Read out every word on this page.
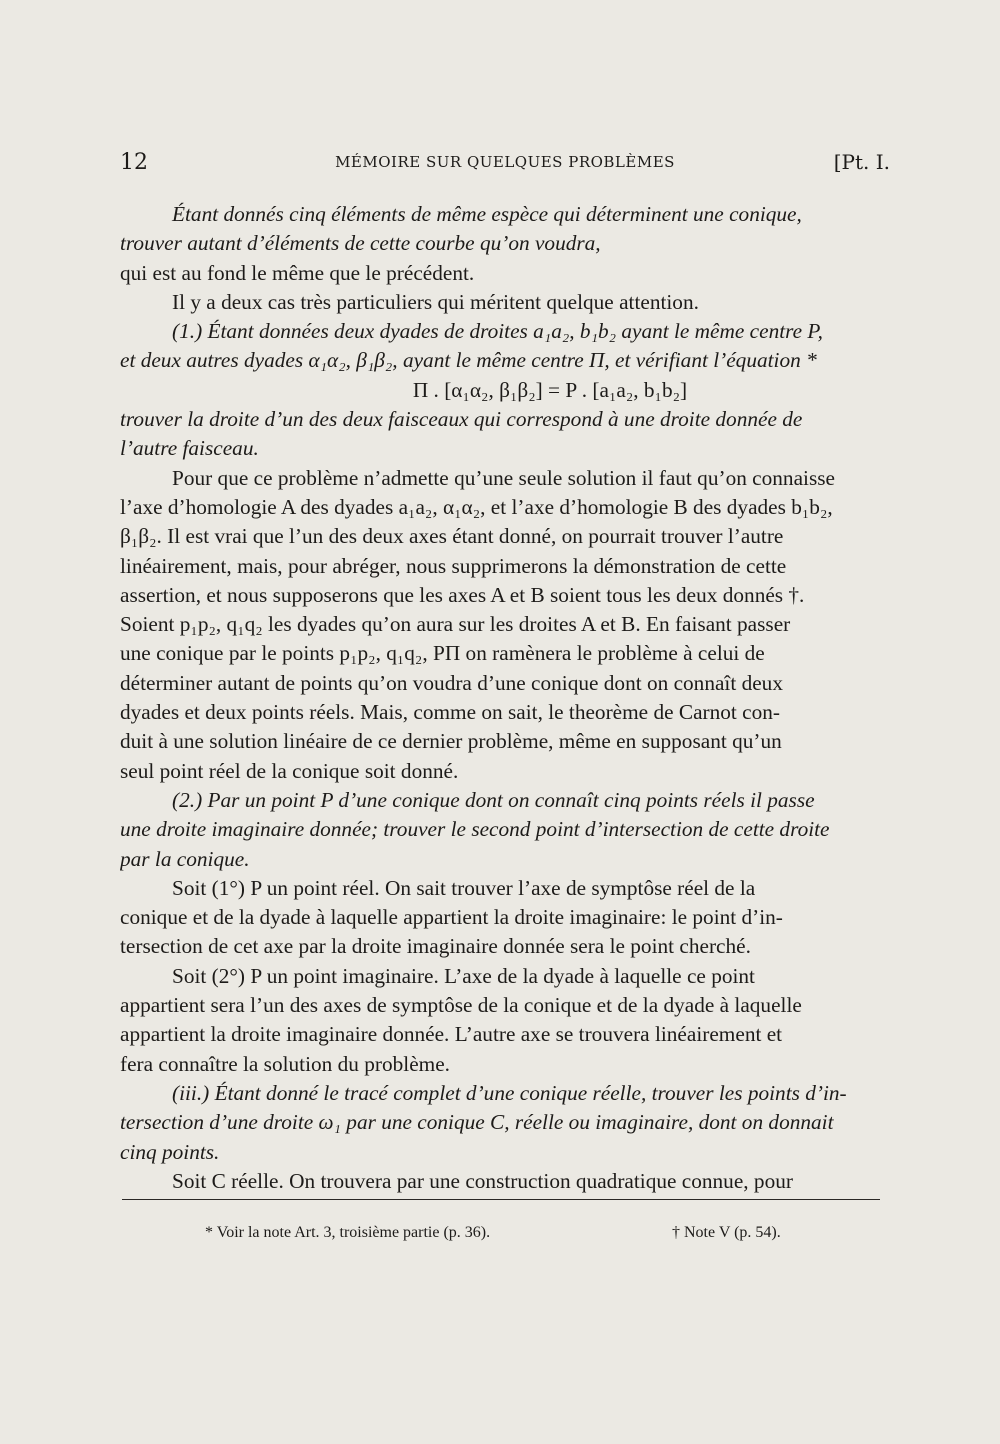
12	MÉMOIRE SUR QUELQUES PROBLÈMES	[Pt. I.
Étant donnés cinq éléments de même espèce qui déterminent une conique,
trouver autant d’éléments de cette courbe qu’on voudra,
qui est au fond le même que le précédent.
Il y a deux cas très particuliers qui méritent quelque attention.
(1.) Étant données deux dyades de droites a₁a₂, b₁b₂ ayant le même centre P,
et deux autres dyades α₁α₂, β₁β₂, ayant le même centre Π, et vérifiant l’équation *
Π . [α₁α₂, β₁β₂] = P . [a₁a₂, b₁b₂]
trouver la droite d’un des deux faisceaux qui correspond à une droite donnée de
l’autre faisceau.
Pour que ce problème n’admette qu’une seule solution il faut qu’on connaisse
l’axe d’homologie A des dyades a₁a₂, α₁α₂, et l’axe d’homologie B des dyades b₁b₂,
β₁β₂. Il est vrai que l’un des deux axes étant donné, on pourrait trouver l’autre
linéairement, mais, pour abréger, nous supprimerons la démonstration de cette
assertion, et nous supposerons que les axes A et B soient tous les deux donnés †.
Soient p₁p₂, q₁q₂ les dyades qu’on aura sur les droites A et B. En faisant passer
une conique par le points p₁p₂, q₁q₂, PΠ on ramènera le problème à celui de
déterminer autant de points qu’on voudra d’une conique dont on connaît deux
dyades et deux points réels. Mais, comme on sait, le theorème de Carnot con-
duit à une solution linéaire de ce dernier problème, même en supposant qu’un
seul point réel de la conique soit donné.
(2.) Par un point P d’une conique dont on connaît cinq points réels il passe
une droite imaginaire donnée; trouver le second point d’intersection de cette droite
par la conique.
Soit (1°) P un point réel. On sait trouver l’axe de symptôse réel de la
conique et de la dyade à laquelle appartient la droite imaginaire: le point d’in-
tersection de cet axe par la droite imaginaire donnée sera le point cherché.
Soit (2°) P un point imaginaire. L’axe de la dyade à laquelle ce point
appartient sera l’un des axes de symptôse de la conique et de la dyade à laquelle
appartient la droite imaginaire donnée. L’autre axe se trouvera linéairement et
fera connaître la solution du problème.
(iii.) Étant donné le tracé complet d’une conique réelle, trouver les points d’in-
tersection d’une droite ω₁ par une conique C, réelle ou imaginaire, dont on donnait
cinq points.
Soit C réelle. On trouvera par une construction quadratique connue, pour
* Voir la note Art. 3, troisième partie (p. 36).	† Note V (p. 54).
